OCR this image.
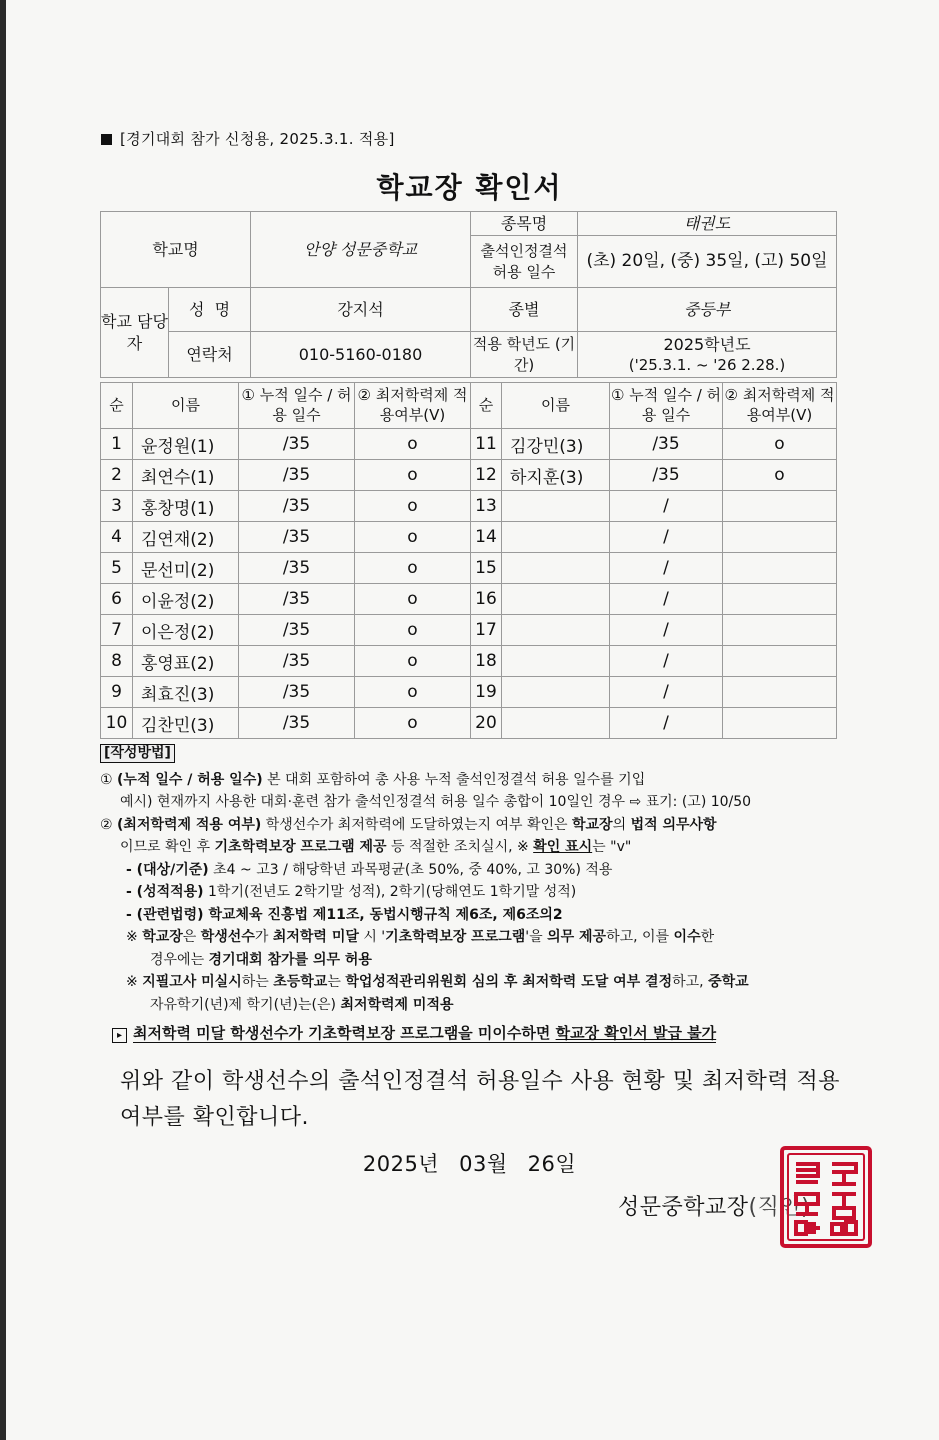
[경기대회 참가 신청용, 2025.3.1. 적용]
학교장 확인서
학교명		안양 성문중학교	종목명	태권도
			출석인정결석 허용 일수	(초) 20일, (중) 35일, (고) 50일

학교 담당자	성  명	강지석	종별	중등부
	연락처	010-5160-0180	적용 학년도 (기간)	2025학년도
('25.3.1. ~ '26 2.28.)
순	이름	① 누적 일수 / 허용 일수	② 최저학력제 적용여부(V)	순	이름	① 누적 일수 / 허용 일수	② 최저학력제 적용여부(V)
1	윤정원(1)	/35	o	11	김강민(3)	/35	o
2	최연수(1)	/35	o	12	하지훈(3)	/35	o
3	홍창명(1)	/35	o	13		/	
4	김연재(2)	/35	o	14		/	
5	문선미(2)	/35	o	15		/	
6	이윤정(2)	/35	o	16		/	
7	이은정(2)	/35	o	17		/	
8	홍영표(2)	/35	o	18		/	
9	최효진(3)	/35	o	19		/	
10	김찬민(3)	/35	o	20		/	
[작성방법]
① (누적 일수 / 허용 일수) 본 대회 포함하여 총 사용 누적 출석인정결석 허용 일수를 기입
예시) 현재까지 사용한 대회·훈련 참가 출석인정결석 허용 일수 총합이 10일인 경우 ⇨ 표기: (고) 10/50
② (최저학력제 적용 여부) 학생선수가 최저학력에 도달하였는지 여부 확인은 학교장의 법적 의무사항
이므로 확인 후 기초학력보장 프로그램 제공 등 적절한 조치실시, ※ 확인 표시는 "v"
- (대상/기준) 초4 ~ 고3 / 해당학년 과목평균(초 50%, 중 40%, 고 30%) 적용
- (성적적용) 1학기(전년도 2학기말 성적), 2학기(당해연도 1학기말 성적)
- (관련법령) 학교체육 진흥법 제11조, 동법시행규칙 제6조, 제6조의2
※ 학교장은 학생선수가 최저학력 미달 시 '기초학력보장 프로그램'을 의무 제공하고, 이를 이수한
경우에는 경기대회 참가를 의무 허용
※ 지필고사 미실시하는 초등학교는 학업성적관리위원회 심의 후 최저학력 도달 여부 결정하고, 중학교
자유학기(년)제 학기(년)는(은) 최저학력제 미적용
▸ 최저학력 미달 학생선수가 기초학력보장 프로그램을 미이수하면 학교장 확인서 발급 불가
위와 같이 학생선수의 출석인정결석 허용일수 사용 현황 및 최저학력 적용 여부를 확인합니다.
2025년 03월 26일
성문중학교장(직인)
